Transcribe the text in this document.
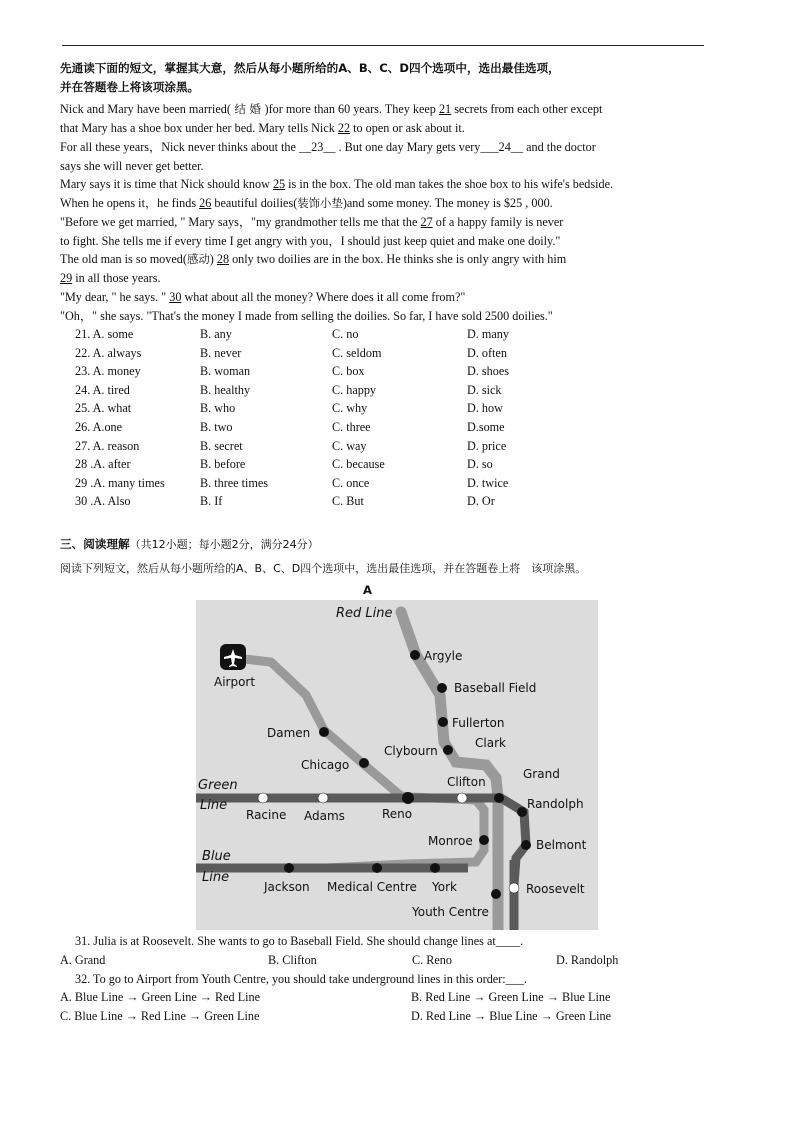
先通读下面的短文，掌握其大意，然后从每小题所给的A、B、C、D四个选项中，选出最佳选项，
并在答题卷上将该项涂黑。
Nick and Mary have been married( 结 婚 )for more than 60 years. They keep 21 secrets from each other except
that Mary has a shoe box under her bed. Mary tells Nick 22 to open or ask about it.
For all these years，Nick never thinks about the __23__ . But one day Mary gets very___24__ and the doctor
says she will never get better.
Mary says it is time that Nick should know 25 is in the box. The old man takes the shoe box to his wife's bedside.
When he opens it，he finds 26 beautiful doilies(装饰小垫)and some money. The money is $25 , 000.
"Before we get married, " Mary says，"my grandmother tells me that the 27 of a happy family is never
to fight. She tells me if every time I get angry with you，I should just keep quiet and make one doily."
The old man is so moved(感动) 28 only two doilies are in the box. He thinks she is only angry with him
29 in all those years.
"My dear, " he says. " 30 what about all the money? Where does it all come from?"
"Oh，" she says. "That's the money I made from selling the doilies. So far, I have sold 2500 doilies."
21. A. some	B. any	C. no	D. many
22. A. always	B. never	C. seldom	D. often
23. A. money	B. woman	C. box	D. shoes
24. A. tired	B. healthy	C. happy	D. sick
25. A. what	B. who	C. why	D. how
26. A.one	B. two	C. three	D.some
27. A. reason	B. secret	C. way	D. price
28 .A. after	B. before	C. because	D. so
29 .A. many times	B. three times	C. once	D. twice
30 .A. Also	B. If	C. But	D. Or
三、阅读理解（共12小题；每小题2分，满分24分）
阅读下列短文，然后从每小题所给的A、B、C、D四个选项中，选出最佳选项，并在答题卷上将　该项涂黑。
A
Red Line
Argyle
Baseball Field
Fullerton
Clybourn
Clark
Airport
Damen
Chicago
Clifton
Grand
Randolph
Green
Line
Racine Adams	Reno
Monroe	Belmont
Blue
Line
Jackson Medical Centre York	Roosevelt
Youth Centre
31. Julia is at Roosevelt. She wants to go to Baseball Field. She should change lines at____.
A. Grand	B. Clifton	C. Reno	D. Randolph
32. To go to Airport from Youth Centre, you should take underground lines in this order:___.
A. Blue Line → Green Line → Red Line	B. Red Line → Green Line → Blue Line
C. Blue Line → Red Line → Green Line	D. Red Line → Blue Line → Green Line
